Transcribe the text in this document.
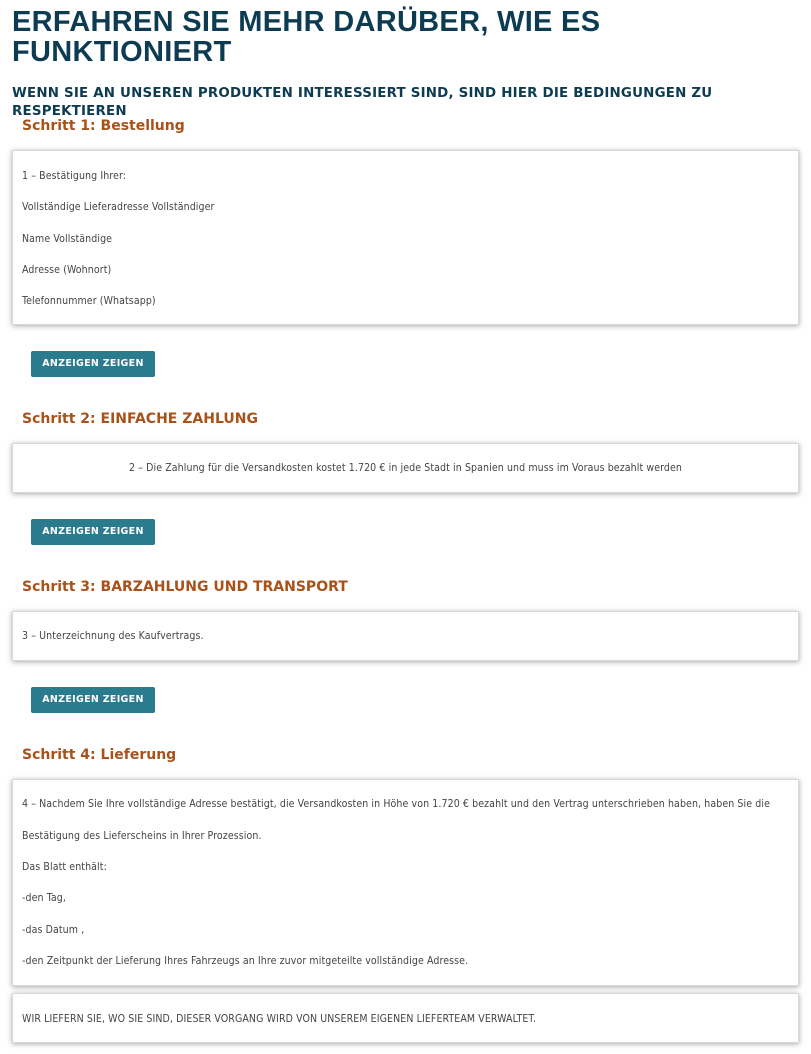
ERFAHREN SIE MEHR DARÜBER, WIE ES
FUNKTIONIERT
WENN SIE AN UNSEREN PRODUKTEN INTERESSIERT SIND, SIND HIER DIE BEDINGUNGEN ZU RESPEKTIEREN
Schritt 1: Bestellung

1 – Bestätigung Ihrer:

Vollständige Lieferadresse Vollständiger

Name Vollständige

Adresse (Wohnort)

Telefonnummer (Whatsapp)

ANZEIGEN ZEIGEN
Schritt 2: EINFACHE ZAHLUNG

2 – Die Zahlung für die Versandkosten kostet 1.720 € in jede Stadt in Spanien und muss im Voraus bezahlt werden

ANZEIGEN ZEIGEN
Schritt 3: BARZAHLUNG UND TRANSPORT

3 – Unterzeichnung des Kaufvertrags.

ANZEIGEN ZEIGEN
Schritt 4: Lieferung

4 – Nachdem Sie Ihre vollständige Adresse bestätigt, die Versandkosten in Höhe von 1.720 € bezahlt und den Vertrag unterschrieben haben, haben Sie die

Bestätigung des Lieferscheins in Ihrer Prozession.

Das Blatt enthält:

-den Tag,

-das Datum ,

-den Zeitpunkt der Lieferung Ihres Fahrzeugs an Ihre zuvor mitgeteilte vollständige Adresse.

WIR LIEFERN SIE, WO SIE SIND, DIESER VORGANG WIRD VON UNSEREM EIGENEN LIEFERTEAM VERWALTET.
